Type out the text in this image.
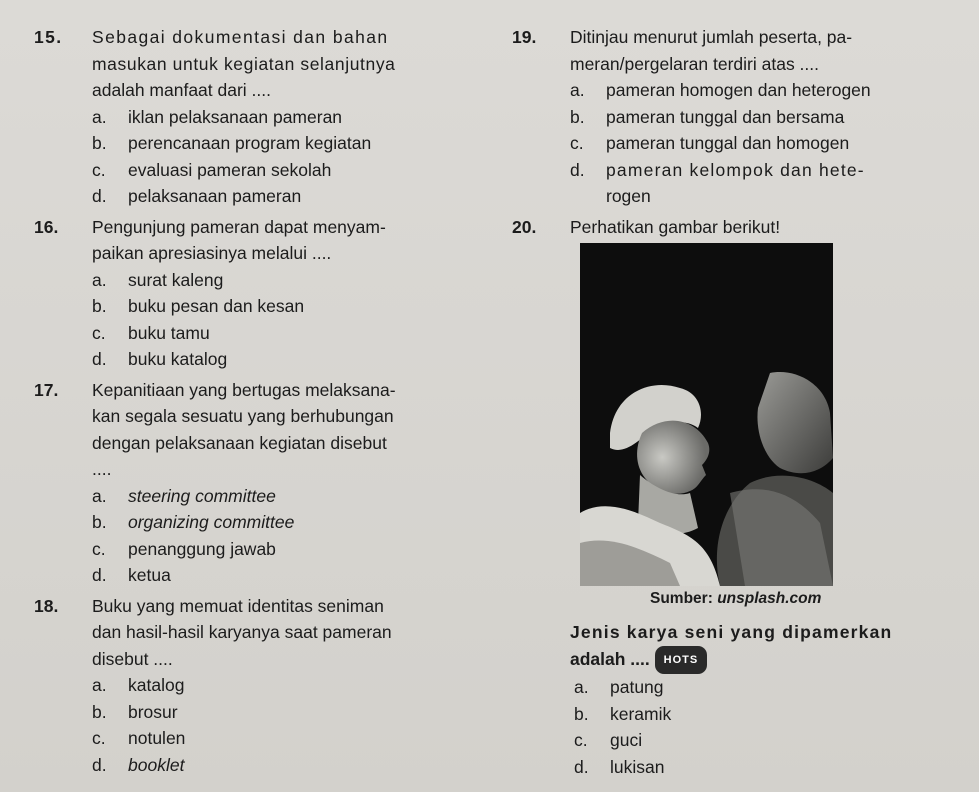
15. Sebagai dokumentasi dan bahan

masukan untuk kegiatan selanjutnya

adalah manfaat dari ....

a. iklan pelaksanaan pameran
b. perencanaan program kegiatan
c. evaluasi pameran sekolah
d. pelaksanaan pameran

16. Pengunjung pameran dapat menyam-

paikan apresiasinya melalui ....

a. surat kaleng
b. buku pesan dan kesan
c. buku tamu
d. buku katalog

17. Kepanitiaan yang bertugas melaksana-

kan segala sesuatu yang berhubungan

dengan pelaksanaan kegiatan disebut

....

a. steering committee
b. organizing committee
c. penanggung jawab
d. ketua

18. Buku yang memuat identitas seniman

dan hasil-hasil karyanya saat pameran

disebut ....

a. katalog
b. brosur
c. notulen
d. booklet

19. Ditinjau menurut jumlah peserta, pa-

meran/pergelaran terdiri atas ....

a. pameran homogen dan heterogen
b. pameran tunggal dan bersama
c. pameran tunggal dan homogen
d. pameran kelompok dan hete-
rogen

20. Perhatikan gambar berikut!

Sumber: unsplash.com

Jenis karya seni yang dipamerkan

adalah .... HOTS

a. patung
b. keramik
c. guci
d. lukisan
